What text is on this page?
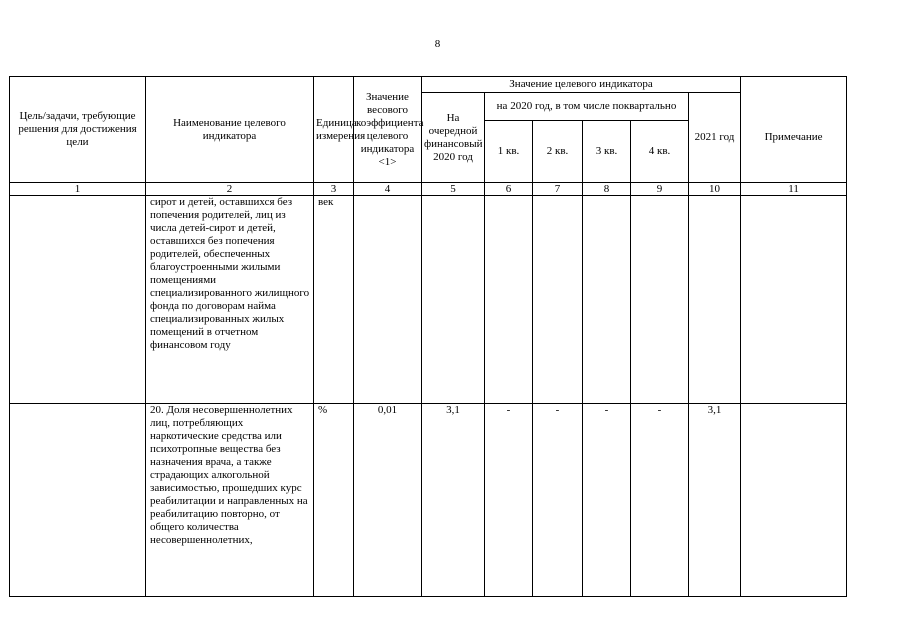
8
Цель/задачи, требующие решения для достижения цели	Наименование целевого индикатора	Единица измерения	Значение весового коэффициента целевого индикатора <1>	Значение целевого индикатора						
				На очередной финансовый 2020 год	на 2020 год, в том числе поквартально				2021 год	Примечание
					1 кв.	2 кв.	3 кв.	4 кв.		
1	2	3	4	5	6	7	8	9	10	11
	сирот и детей, оставшихся без попечения родителей, лиц из числа детей-сирот и детей, оставшихся без попечения родителей, обеспеченных благоустроенными жилыми помещениями специализированного жилищного фонда по договорам найма специализированных жилых помещений в отчетном финансовом году	век								
	20. Доля несовершеннолетних лиц, потребляющих наркотические средства или психотропные вещества без назначения врача, а также страдающих алкогольной зависимостью, прошедших курс реабилитации и направленных на реабилитацию повторно, от общего количества несовершеннолетних,	%	0,01	3,1	-	-	-	-	3,1	
